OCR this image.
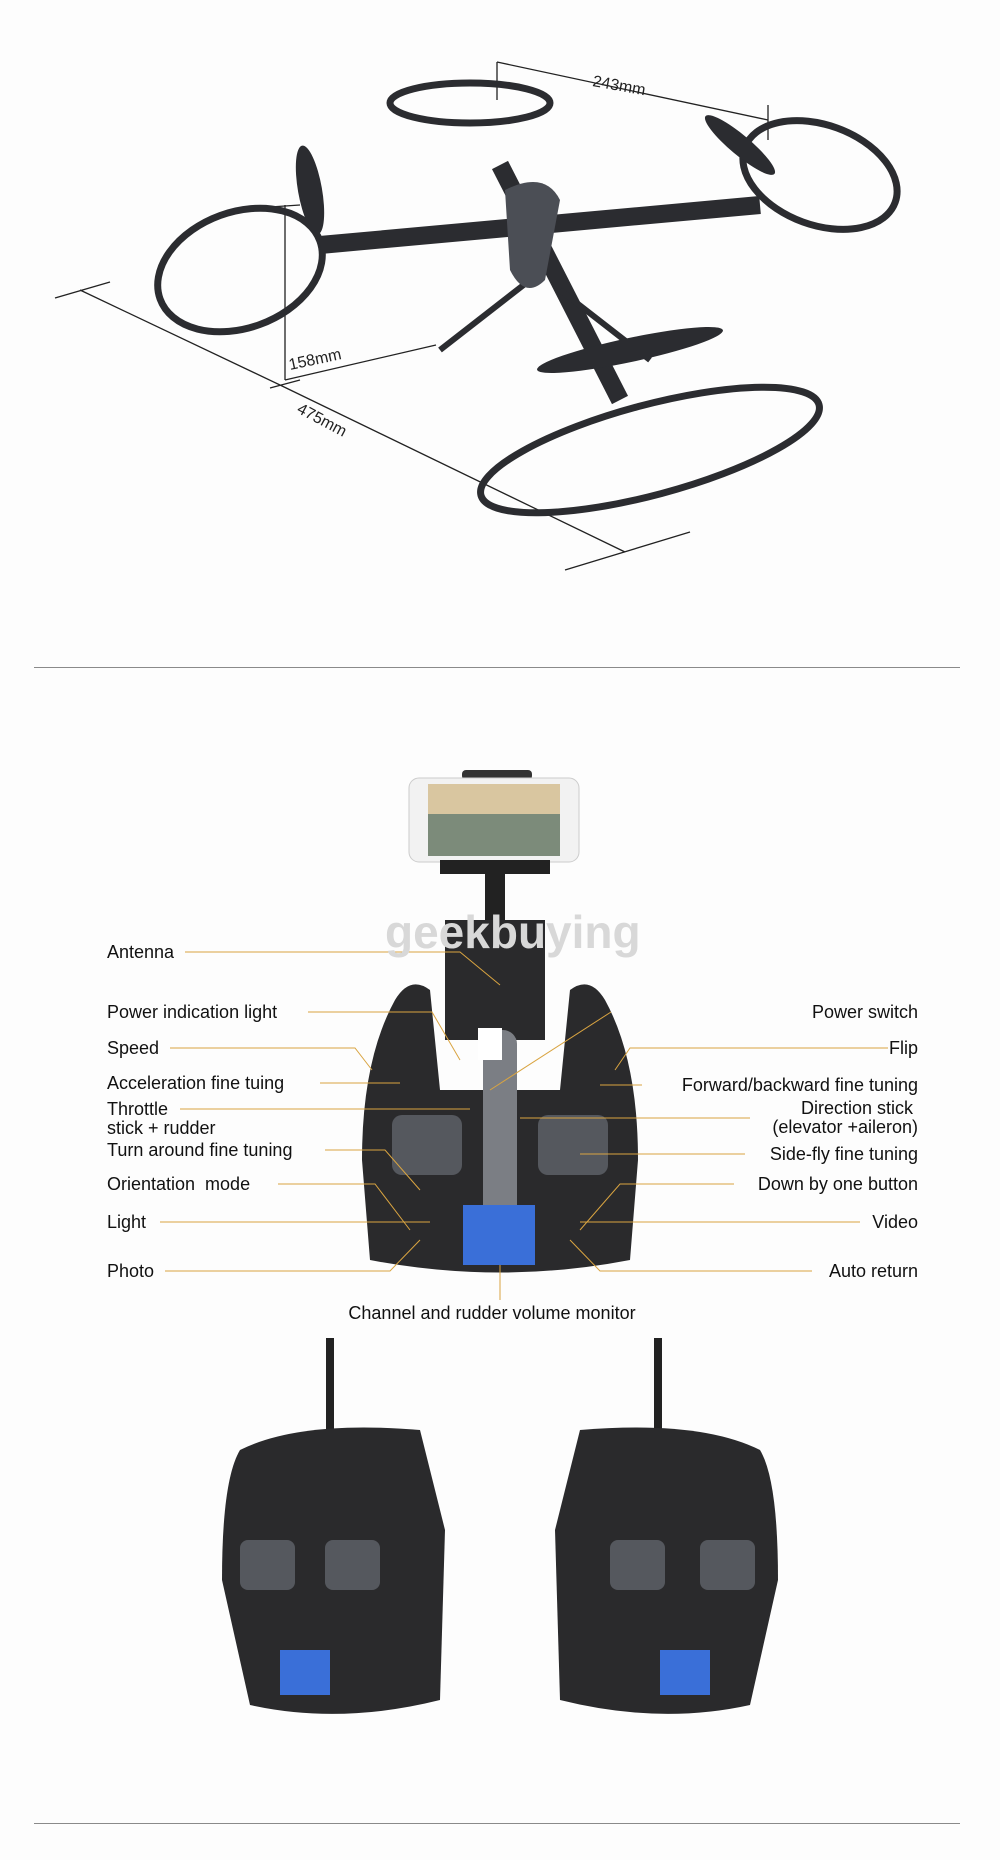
243mm
158mm
475mm
geekbuying
Antenna
Power indication light
Speed
Acceleration fine tuing
Throttle
stick + rudder
Turn around fine tuning
Orientation  mode
Light
Photo
Power switch
Flip
Forward/backward fine tuning
Direction stick
(elevator +aileron)
Side-fly fine tuning
Down by one button
Video
Auto return
Channel and rudder volume monitor
